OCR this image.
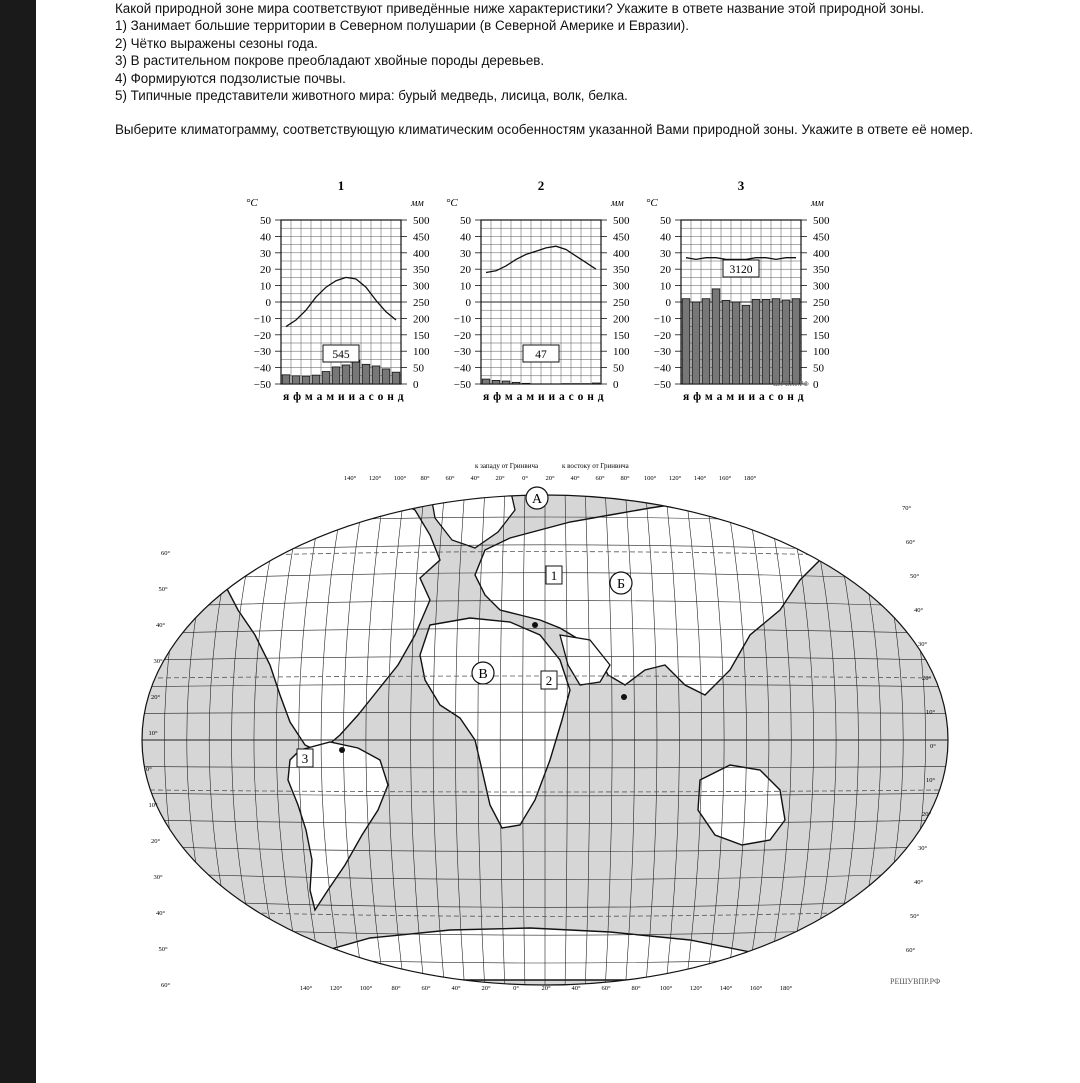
Какой природной зоне мира соответствуют приведённые ниже характеристики? Укажите в ответе название этой природной зоны.

1) Занимает большие территории в Северном полушарии (в Северной Америке и Евразии).

2) Чётко выражены сезоны года.

3) В растительном покрове преобладают хвойные породы деревьев.

4) Формируются подзолистые почвы.

5) Типичные представители животного мира: бурый медведь, лисица, волк, белка.

Выберите климатограмму, соответствующую климатическим особенностям указанной Вами природной зоны. Укажите в ответе её номер.

1
°C	мм
50
40
30
20
10
0
−10
−20
−30
−40
−50
500
450
400
350
300
250
200
150
100
50
0
545
я ф м а м и и а с о н д
2
°C	мм
50
40
30
20
10
0
−10
−20
−30
−40
−50
500
450
400
350
300
250
200
150
100
50
0
47
я ф м а м и и а с о н д
3
°C	мм
50
40
30
20
10
0
−10
−20
−30
−40
−50
500
450
400
350
300
250
200
150
100
50
0
3120
я ф м а м и и а с о н д
ШУВПР.РФ
140° 120° 100° 80° 60° 40° 20°	0°	20° 40° 60° 80° 100° 120° 140° 160° 180°
140°	120°	100°	80°	60°	40°	20°	0°	20°	40°	60°	80°	100°	120°	140°	160°	180°
60°
50°
40°
30°
20°
10°
0°
10°
20°
30°
40°
50°
60°
70°
60°
50°
40°
30°
20°
10°
0°
10°
20°
30°
40°
50°
60°
к западу от Гринвича	к востоку от Гринвича
А
Б
В
1
2
3
РЕШУВПР.РФ
